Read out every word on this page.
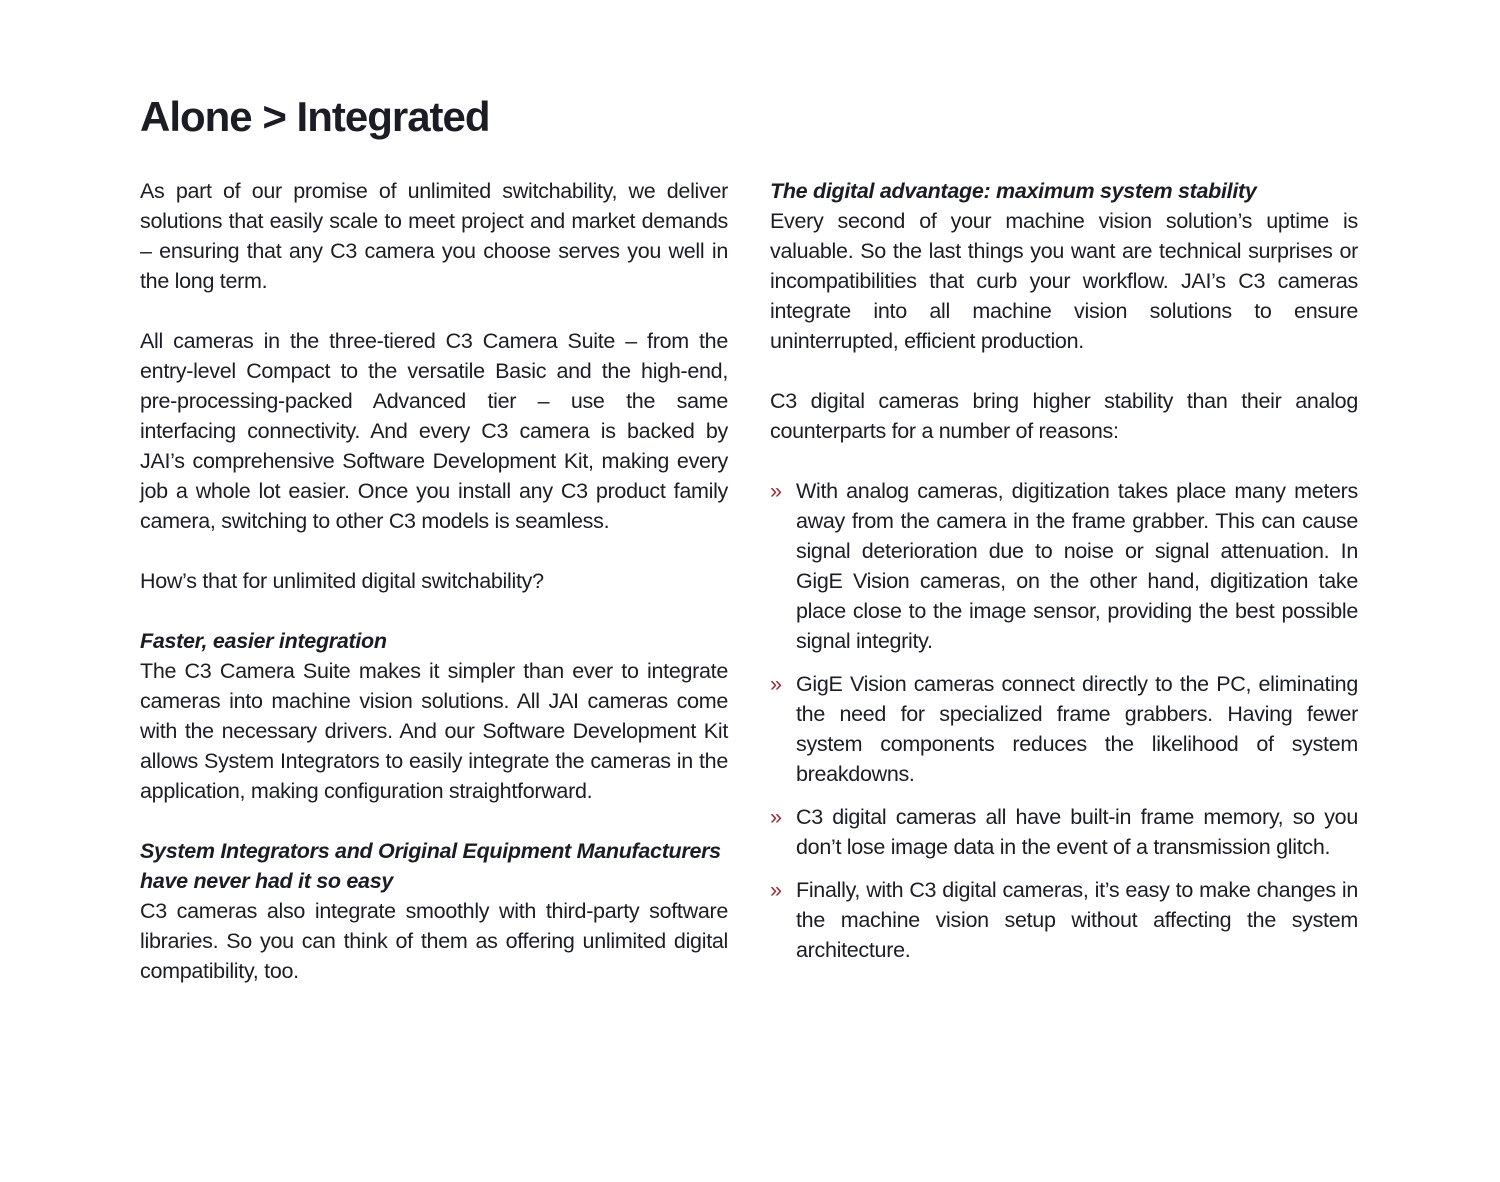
Alone > Integrated

As part of our promise of unlimited switchability, we deliver solutions that easily scale to meet project and market demands – ensuring that any C3 camera you choose serves you well in the long term.

All cameras in the three-tiered C3 Camera Suite – from the entry-level Compact to the versatile Basic and the high-end, pre-processing-packed Advanced tier – use the same interfacing connectivity. And every C3 camera is backed by JAI’s comprehensive Software Development Kit, making every job a whole lot easier. Once you install any C3 product family camera, switching to other C3 models is seamless.

How’s that for unlimited digital switchability?

Faster, easier integration

The C3 Camera Suite makes it simpler than ever to integrate cameras into machine vision solutions. All JAI cameras come with the necessary drivers. And our Software Development Kit allows System Integrators to easily integrate the cameras in the application, making configuration straightforward.

System Integrators and Original Equipment Manufacturers have never had it so easy

C3 cameras also integrate smoothly with third-party software libraries. So you can think of them as offering unlimited digital compatibility, too.

The digital advantage: maximum system stability

Every second of your machine vision solution’s uptime is valuable. So the last things you want are technical surprises or incompatibilities that curb your workflow. JAI’s C3 cameras integrate into all machine vision solutions to ensure uninterrupted, efficient production.

C3 digital cameras bring higher stability than their analog counterparts for a number of reasons:

» With analog cameras, digitization takes place many meters away from the camera in the frame grabber. This can cause signal deterioration due to noise or signal attenuation. In GigE Vision cameras, on the other hand, digitization take place close to the image sensor, providing the best possible signal integrity.
» GigE Vision cameras connect directly to the PC, eliminating the need for specialized frame grabbers. Having fewer system components reduces the likelihood of system breakdowns.
» C3 digital cameras all have built-in frame memory, so you don’t lose image data in the event of a transmission glitch.
» Finally, with C3 digital cameras, it’s easy to make changes in the machine vision setup without affecting the system architecture.
